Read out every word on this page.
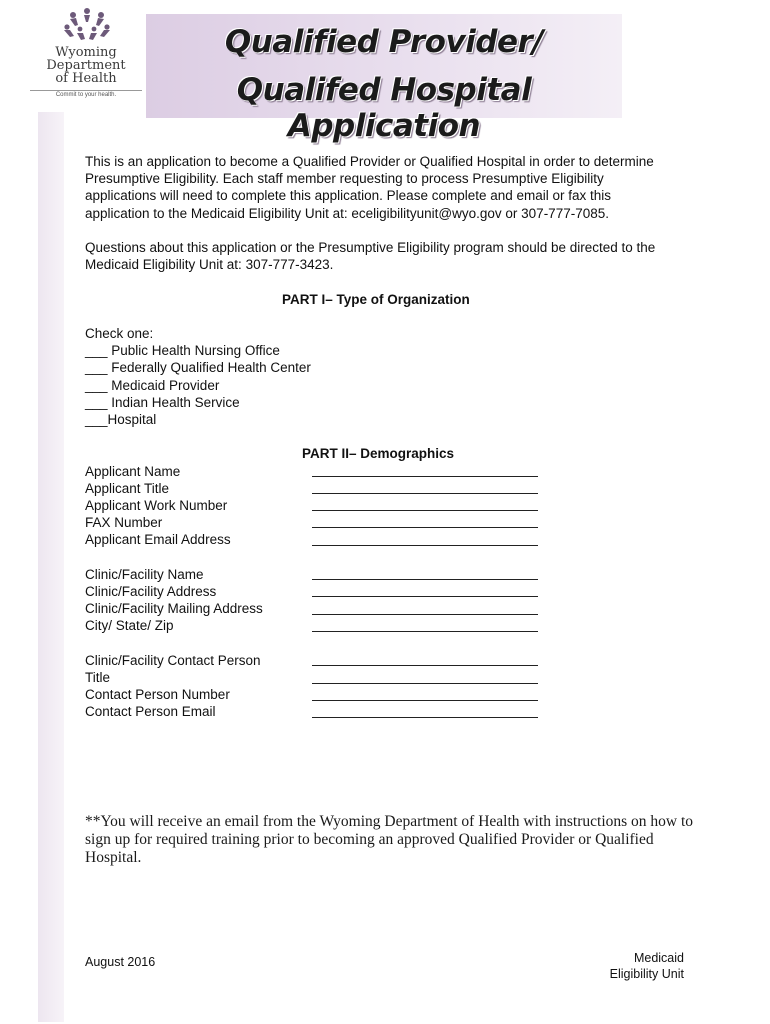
Wyoming
Department
of Health
Commit to your health.
Qualified Provider/
Qualifed Hospital Application
This is an application to become a Qualified Provider or Qualified Hospital in order to determine
Presumptive Eligibility. Each staff member requesting to process Presumptive Eligibility
applications will need to complete this application. Please complete and email or fax this
application to the Medicaid Eligibility Unit at: eceligibilityunit@wyo.gov or 307-777-7085.
Questions about this application or the Presumptive Eligibility program should be directed to the
Medicaid Eligibility Unit at: 307-777-3423.
PART I– Type of Organization
Check one:
___ Public Health Nursing Office
___ Federally Qualified Health Center
___ Medicaid Provider
___ Indian Health Service
___Hospital
PART II– Demographics
Applicant Name
Applicant Title
Applicant Work Number
FAX Number
Applicant Email Address
Clinic/Facility Name
Clinic/Facility Address
Clinic/Facility Mailing Address
City/ State/ Zip
Clinic/Facility Contact Person
Title
Contact Person Number
Contact Person Email
**You will receive an email from the Wyoming Department of Health with instructions on how to
sign up for required training prior to becoming an approved Qualified Provider or Qualified
Hospital.
August 2016	Medicaid
Eligibility Unit
